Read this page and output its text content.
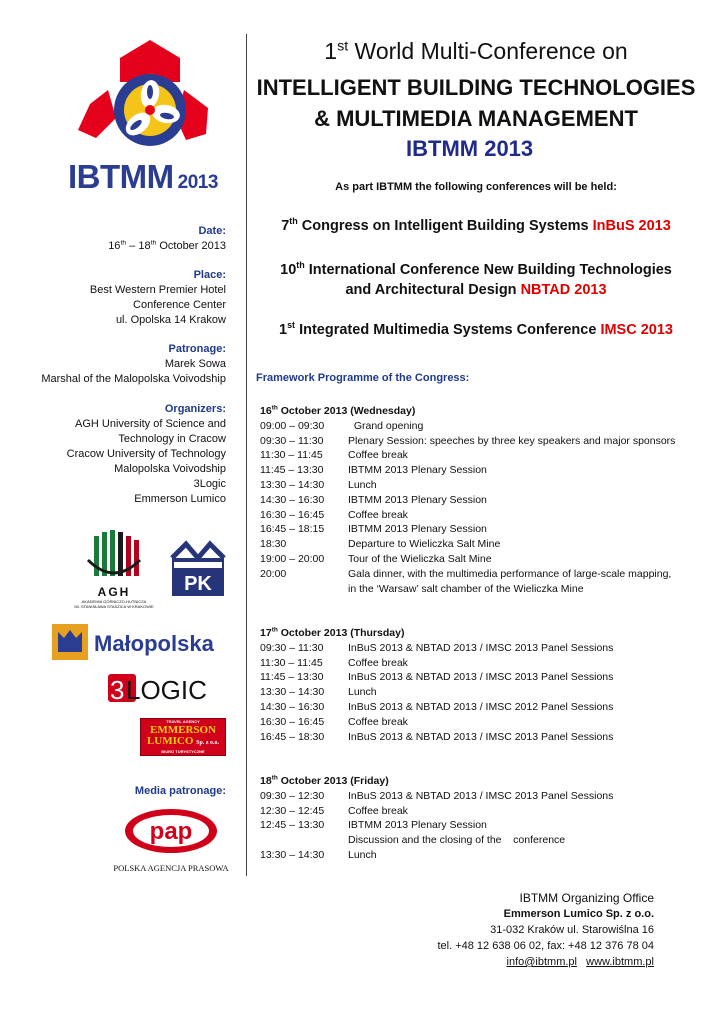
IBTMM 2013
Date:
16th – 18th October 2013
Place:
Best Western Premier Hotel
Conference Center
ul. Opolska 14 Krakow
Patronage:
Marek Sowa
Marshal of the Malopolska Voivodship
Organizers:
AGH University of Science and
Technology in Cracow
Cracow University of Technology
Malopolska Voivodship
3Logic
Emmerson Lumico
AGH
AKADEMIA GÓRNICZO-HUTNICZA
IM. STANISŁAWA STASZICA W KRAKOWIE
PK
Małopolska
3 LOGIC
TRAVEL AGENCY
EMMERSON
LUMICO Sp. z o.o.
BIURO TURYSTYCZNE
Media patronage:
pap
POLSKA AGENCJA PRASOWA
1st World Multi-Conference on
INTELLIGENT BUILDING TECHNOLOGIES
& MULTIMEDIA MANAGEMENT
IBTMM 2013
As part IBTMM the following conferences will be held:
7th Congress on Intelligent Building Systems InBuS 2013
10th International Conference New Building Technologies
and Architectural Design NBTAD 2013
1st Integrated Multimedia Systems Conference IMSC 2013
Framework Programme of the Congress:
16th October 2013 (Wednesday)
09:00 – 09:30	Grand opening
09:30 – 11:30	Plenary Session: speeches by three key speakers and major sponsors
11:30 – 11:45	Coffee break
11:45 – 13:30	IBTMM 2013 Plenary Session
13:30 – 14:30	Lunch
14:30 – 16:30	IBTMM 2013 Plenary Session
16:30 – 16:45	Coffee break
16:45 – 18:15	IBTMM 2013 Plenary Session
18:30	Departure to Wieliczka Salt Mine
19:00 – 20:00	Tour of the Wieliczka Salt Mine
20:00	Gala dinner, with the multimedia performance of large-scale mapping,
in the ‘Warsaw’ salt chamber of the Wieliczka Mine
17th October 2013 (Thursday)
09:30 – 11:30	InBuS 2013 & NBTAD 2013 / IMSC 2013 Panel Sessions
11:30 – 11:45	Coffee break
11:45 – 13:30	InBuS 2013 & NBTAD 2013 / IMSC 2013 Panel Sessions
13:30 – 14:30	Lunch
14:30 – 16:30	InBuS 2013 & NBTAD 2013 / IMSC 2012 Panel Sessions
16:30 – 16:45	Coffee break
16:45 – 18:30	InBuS 2013 & NBTAD 2013 / IMSC 2013 Panel Sessions
18th October 2013 (Friday)
09:30 – 12:30	InBuS 2013 & NBTAD 2013 / IMSC 2013 Panel Sessions
12:30 – 12:45	Coffee break
12:45 – 13:30	IBTMM 2013 Plenary Session
Discussion and the closing of the    conference
13:30 – 14:30	Lunch
IBTMM Organizing Office
Emmerson Lumico Sp. z o.o.
31-032 Kraków ul. Starowiślna 16
tel. +48 12 638 06 02, fax: +48 12 376 78 04
info@ibtmm.pl www.ibtmm.pl
